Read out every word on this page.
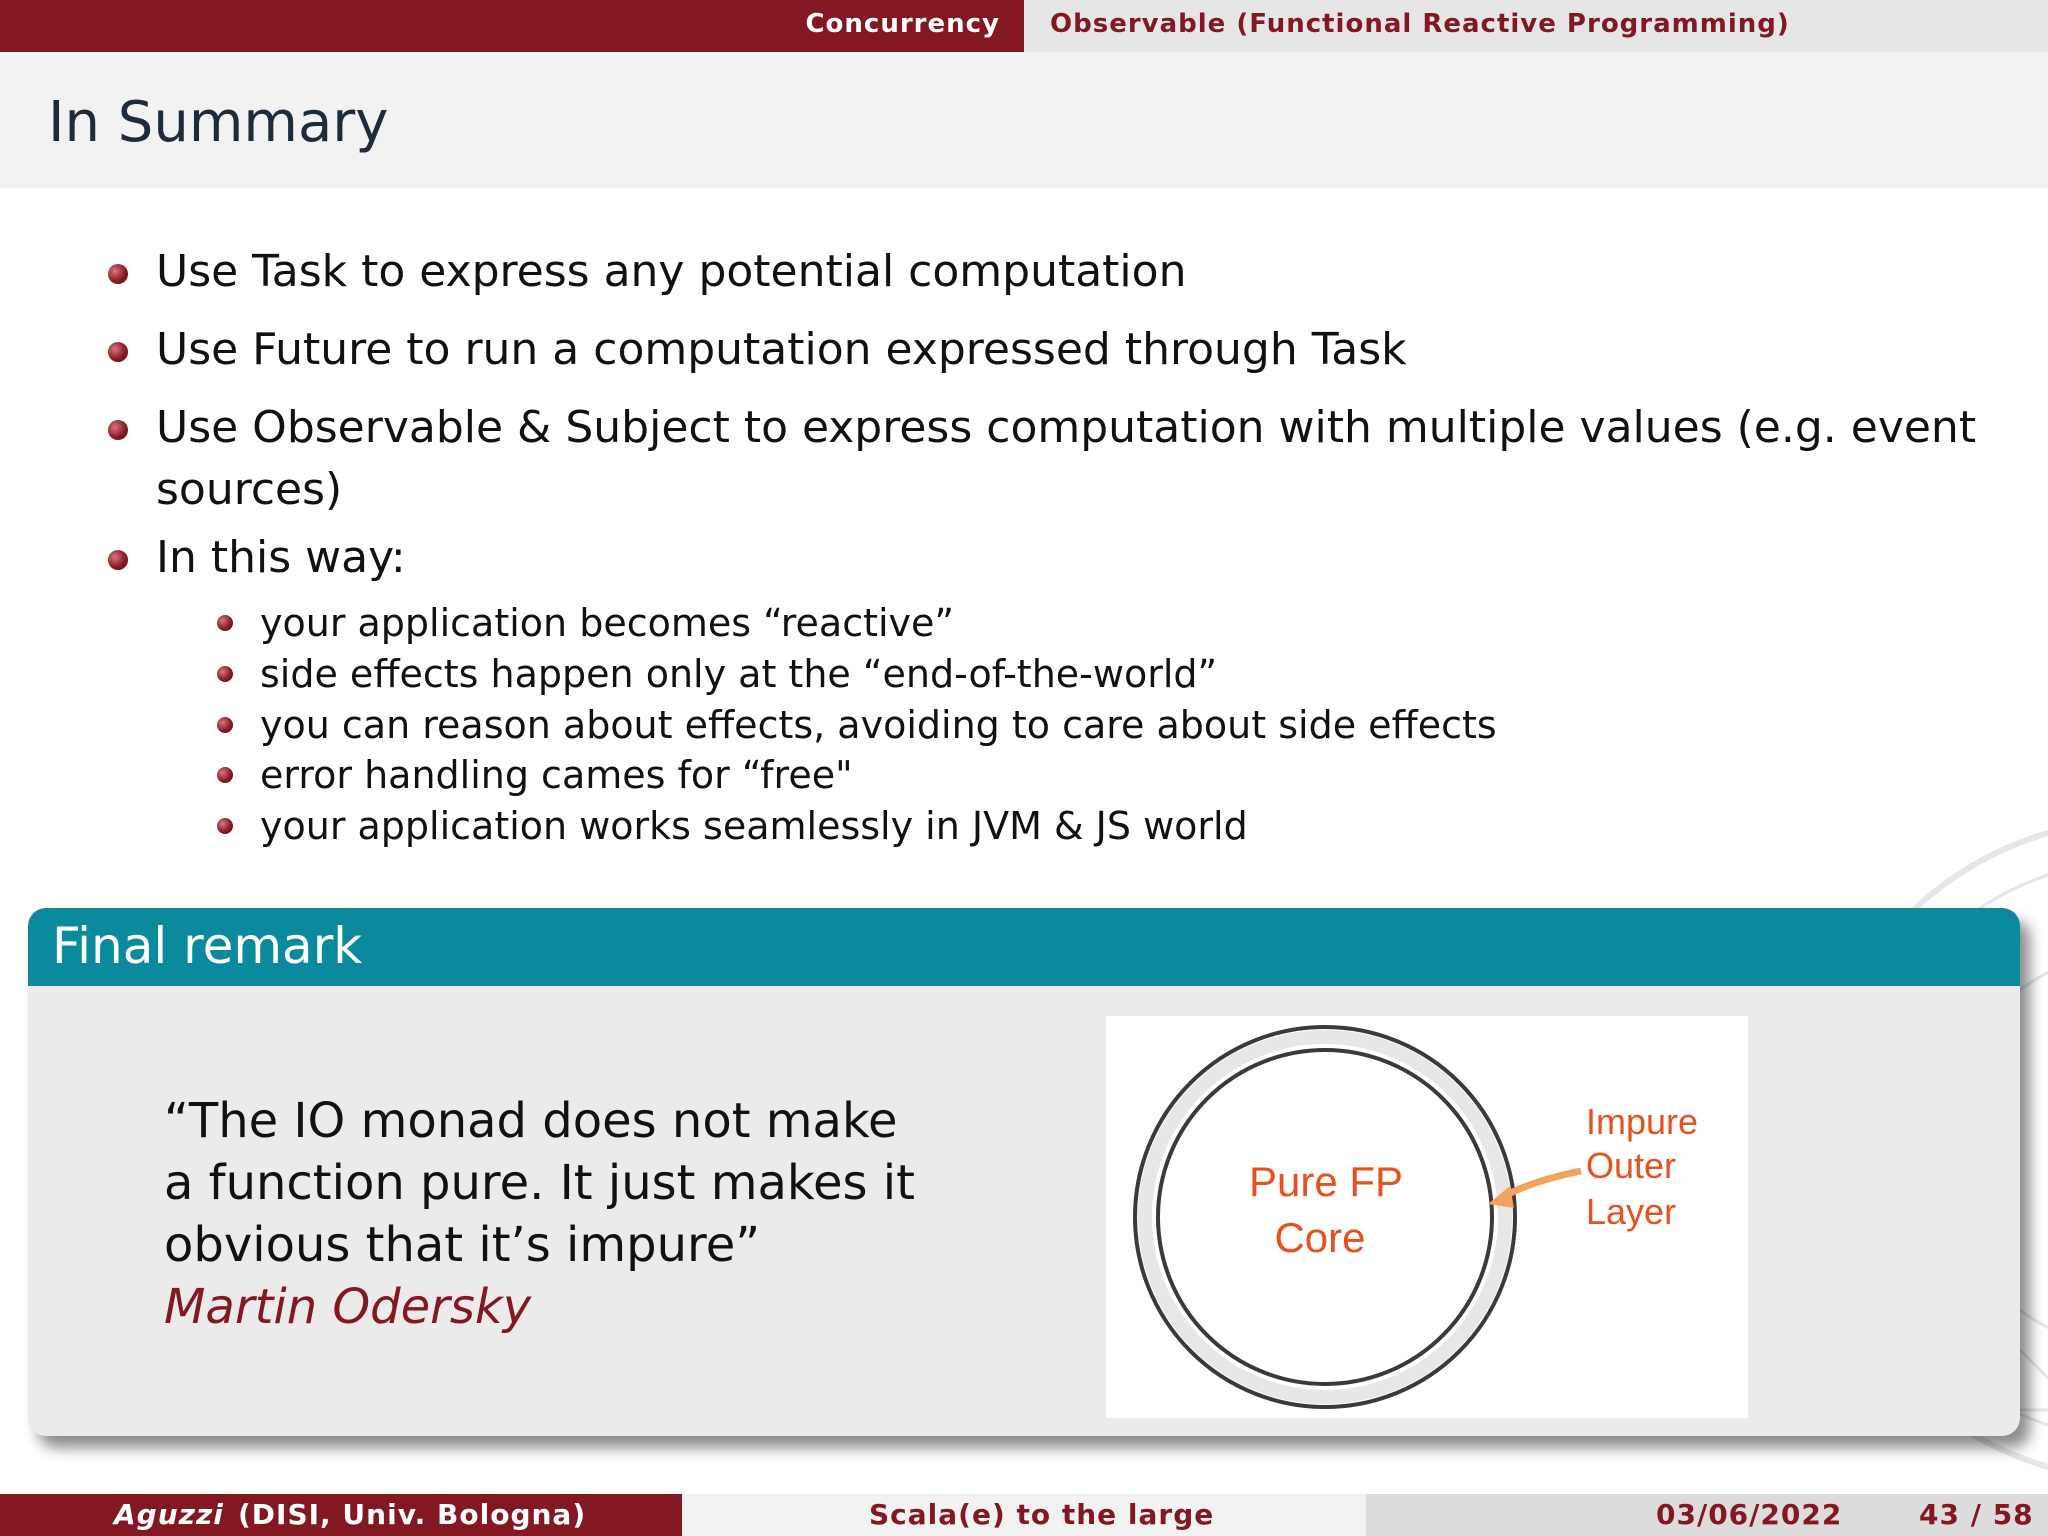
Concurrency Observable (Functional Reactive Programming)
In Summary
Use Task to express any potential computation
Use Future to run a computation expressed through Task
Use Observable & Subject to express computation with multiple values (e.g. event
sources)
In this way:
your application becomes “reactive”
side effects happen only at the “end-of-the-world”
you can reason about effects, avoiding to care about side effects
error handling cames for “free"
your application works seamlessly in JVM & JS world
Final remark
“The IO monad does not make a function pure. It just makes it obvious that it’s impure” Martin Odersky
Pure FP
Core
Impure
Outer
Layer
Aguzzi (DISI, Univ. Bologna)	Scala(e) to the large	03/06/2022	43 / 58
